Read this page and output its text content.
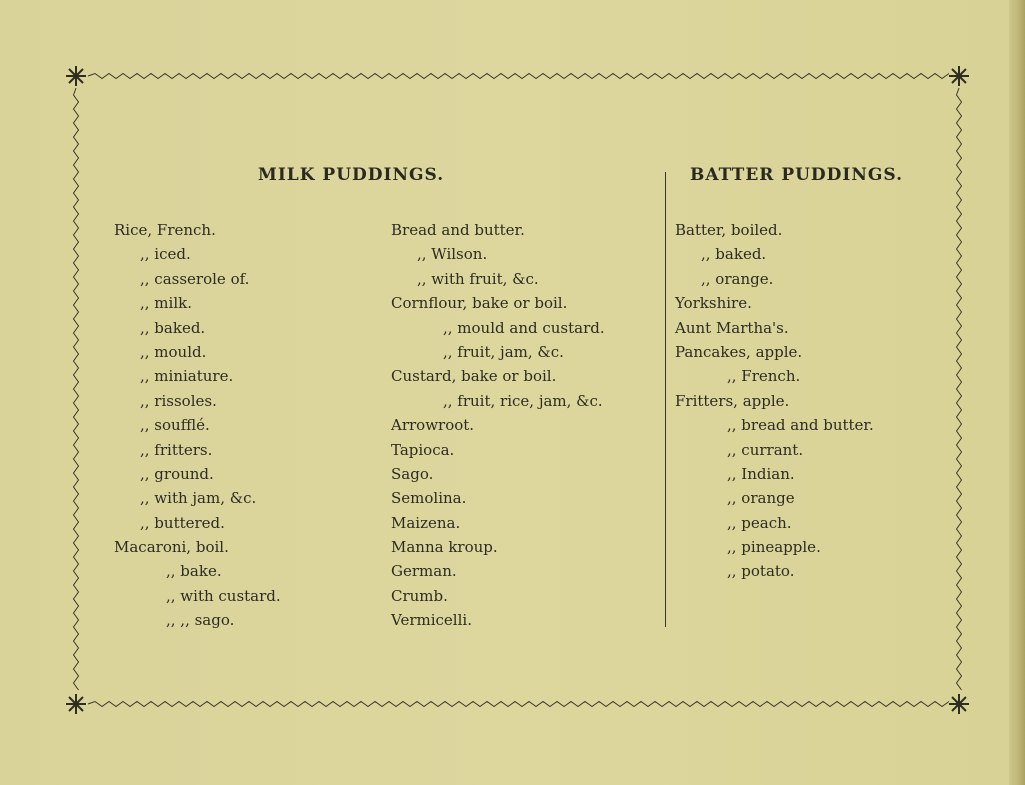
MILK PUDDINGS.	BATTER PUDDINGS.
Rice, French.
,, iced.
,, casserole of.
,, milk.
,, baked.
,, mould.
,, miniature.
,, rissoles.
,, soufflé.
,, fritters.
,, ground.
,, with jam, &c.
,, buttered.
Macaroni, boil.
,, bake.
,, with custard.
,, ,, sago.
Bread and butter.
,, Wilson.
,, with fruit, &c.
Cornflour, bake or boil.
,, mould and custard.
,, fruit, jam, &c.
Custard, bake or boil.
,, fruit, rice, jam, &c.
Arrowroot.
Tapioca.
Sago.
Semolina.
Maizena.
Manna kroup.
German.
Crumb.
Vermicelli.
Batter, boiled.
,, baked.
,, orange.
Yorkshire.
Aunt Martha's.
Pancakes, apple.
,, French.
Fritters, apple.
,, bread and butter.
,, currant.
,, Indian.
,, orange
,, peach.
,, pineapple.
,, potato.
